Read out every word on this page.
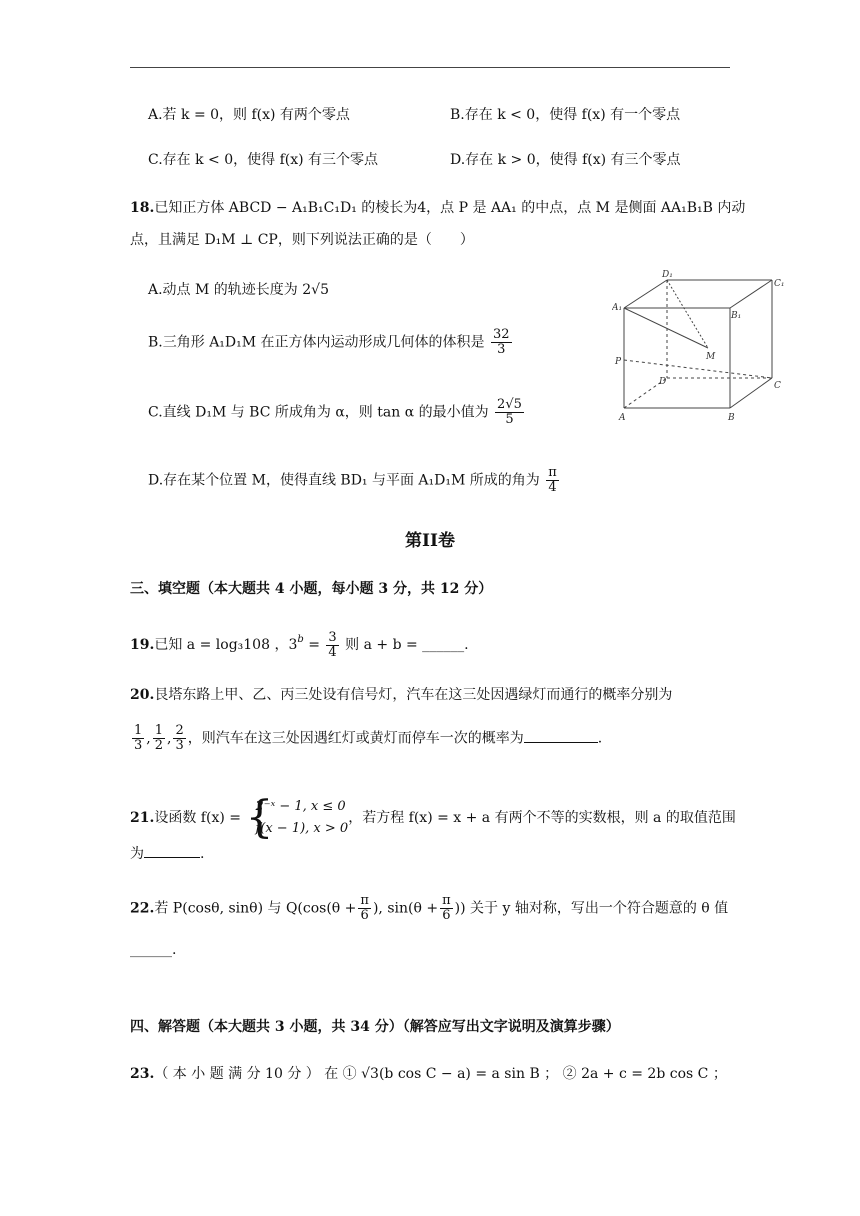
A.若 k = 0，则 f(x) 有两个零点	B.存在 k < 0，使得 f(x) 有一个零点
C.存在 k < 0，使得 f(x) 有三个零点	D.存在 k > 0，使得 f(x) 有三个零点
18.已知正方体 ABCD − A₁B₁C₁D₁ 的棱长为4，点 P 是 AA₁ 的中点，点 M 是侧面 AA₁B₁B 内动
点，且满足 D₁M ⊥ CP，则下列说法正确的是（　　）
A.动点 M 的轨迹长度为 2√5
B.三角形 A₁D₁M 在正方体内运动形成几何体的体积是 $\frac{32}{3}$
C.直线 D₁M 与 BC 所成角为 α，则 tan α 的最小值为 $\frac{2√5}{5}$
D.存在某个位置 M，使得直线 BD₁ 与平面 A₁D₁M 所成的角为 $\frac{\pi}{4}$
D₁
C₁
A₁
B₁
M
P
D	C
A	B
第II卷
三、填空题（本大题共 4 小题，每小题 3 分，共 12 分）
19.已知 a = log₃108 ，$3^b = \frac{3}{4}$ 则 a + b = ______.
20.艮塔东路上甲、乙、丙三处设有信号灯，汽车在这三处因遇绿灯而通行的概率分别为
$\frac{1}{3}$ , $\frac{1}{2}$ , $\frac{2}{3}$ ，则汽车在这三处因遇红灯或黄灯而停车一次的概率为	.
21.设函数 f(x) = {
2⁻ˣ − 1, x ≤ 0
f(x − 1), x > 0
，若方程 f(x) = x + a 有两个不等的实数根，则 a 的取值范围
为	.
22.若 P(cosθ, sinθ) 与 $Q(\cos(\theta + \frac{\pi}{6}$ ), $\sin(\theta + \frac{\pi}{6}$ )) 关于 y 轴对称，写出一个符合题意的 θ 值
______.
四、解答题（本大题共 3 小题，共 34 分）（解答应写出文字说明及演算步骤）
23.（ 本 小 题 满 分 10 分 ） 在 ① √3(b cos C − a) = a sin B ； ② 2a + c = 2b cos C ；
